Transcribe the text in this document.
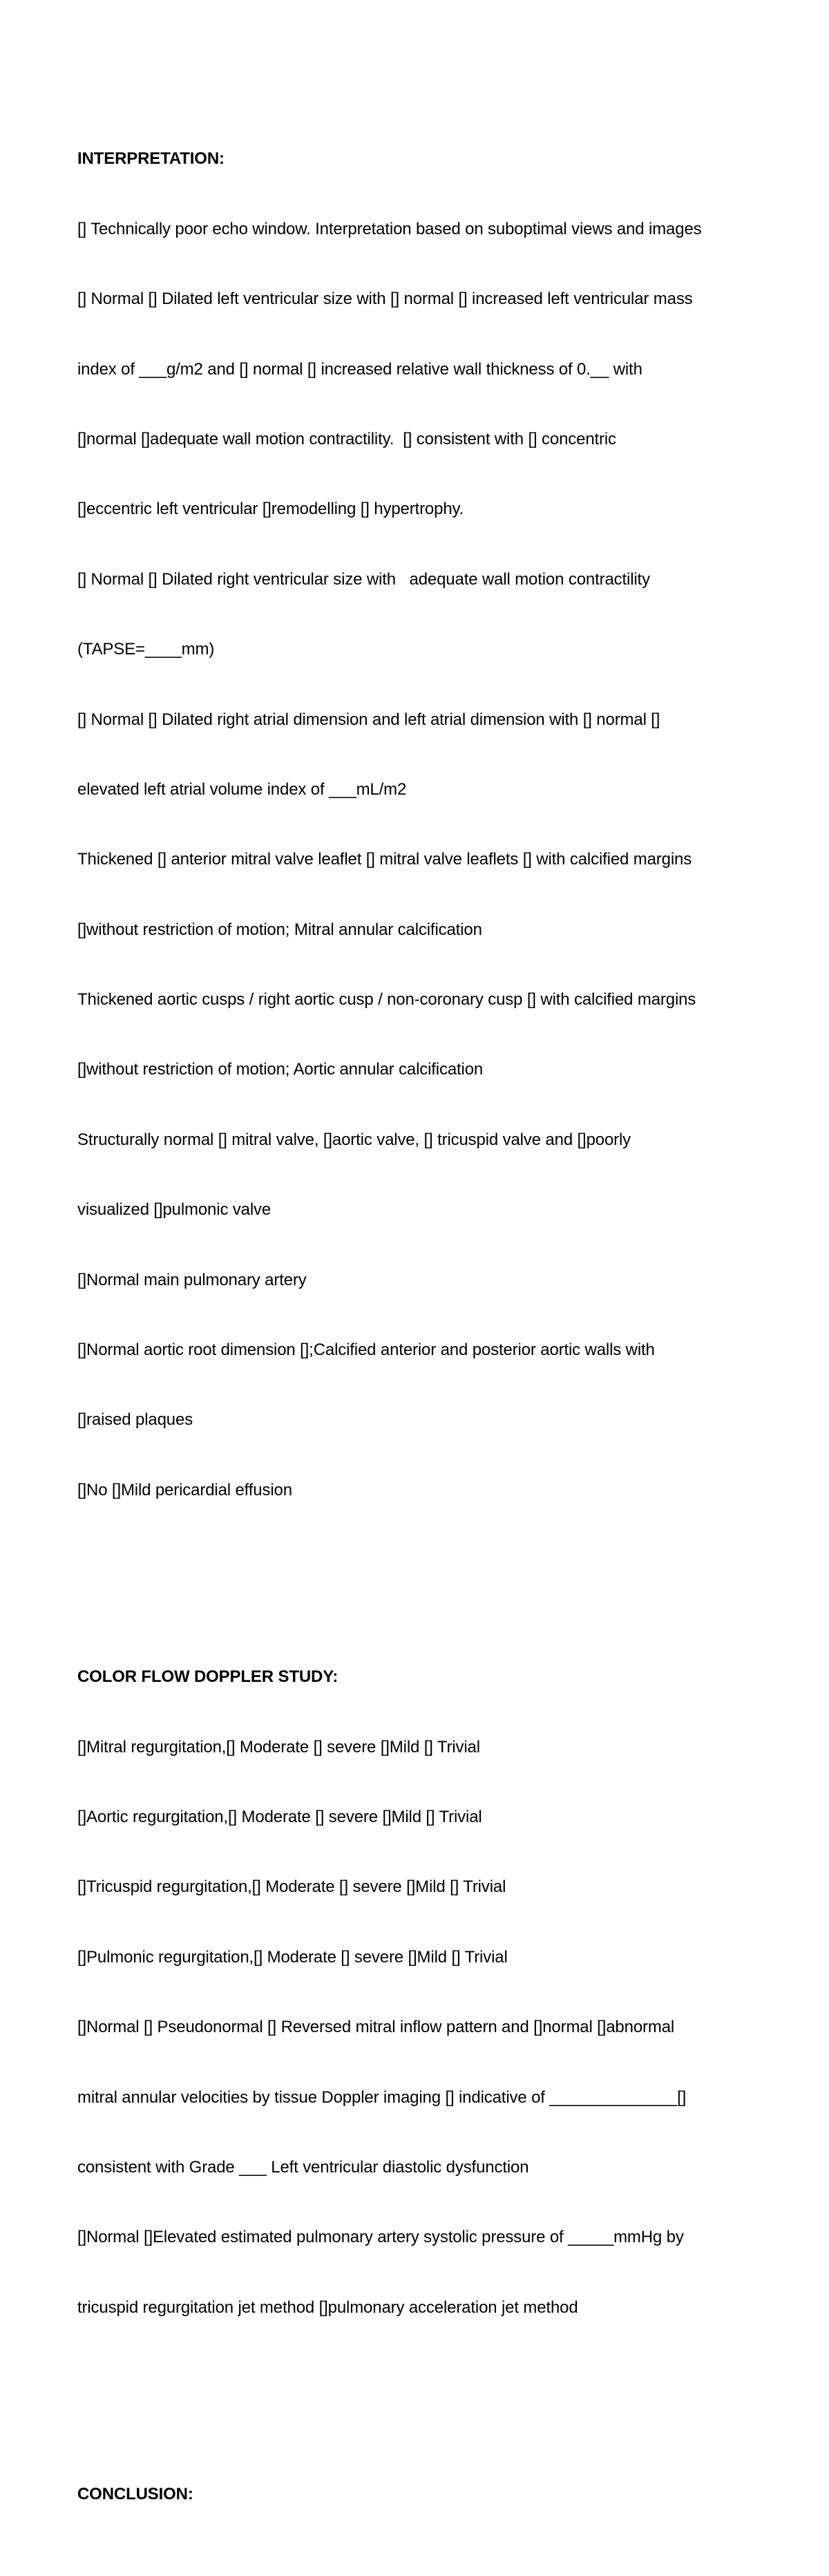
INTERPRETATION:

[] Technically poor echo window. Interpretation based on suboptimal views and images

[] Normal [] Dilated left ventricular size with [] normal [] increased left ventricular mass

index of ___g/m2 and [] normal [] increased relative wall thickness of 0.__ with

[]normal []adequate wall motion contractility.  [] consistent with [] concentric

[]eccentric left ventricular []remodelling [] hypertrophy.

[] Normal [] Dilated right ventricular size with   adequate wall motion contractility

(TAPSE=____mm)

[] Normal [] Dilated right atrial dimension and left atrial dimension with [] normal []

elevated left atrial volume index of ___mL/m2

Thickened [] anterior mitral valve leaflet [] mitral valve leaflets [] with calcified margins

[]without restriction of motion; Mitral annular calcification

Thickened aortic cusps / right aortic cusp / non-coronary cusp [] with calcified margins

[]without restriction of motion; Aortic annular calcification

Structurally normal [] mitral valve, []aortic valve, [] tricuspid valve and []poorly

visualized []pulmonic valve

[]Normal main pulmonary artery

[]Normal aortic root dimension [];Calcified anterior and posterior aortic walls with

[]raised plaques

[]No []Mild pericardial effusion

COLOR FLOW DOPPLER STUDY:

[]Mitral regurgitation,[] Moderate [] severe []Mild [] Trivial

[]Aortic regurgitation,[] Moderate [] severe []Mild [] Trivial

[]Tricuspid regurgitation,[] Moderate [] severe []Mild [] Trivial

[]Pulmonic regurgitation,[] Moderate [] severe []Mild [] Trivial

[]Normal [] Pseudonormal [] Reversed mitral inflow pattern and []normal []abnormal

mitral annular velocities by tissue Doppler imaging [] indicative of ______________[]

consistent with Grade ___ Left ventricular diastolic dysfunction

[]Normal []Elevated estimated pulmonary artery systolic pressure of _____mmHg by

tricuspid regurgitation jet method []pulmonary acceleration jet method

CONCLUSION:
